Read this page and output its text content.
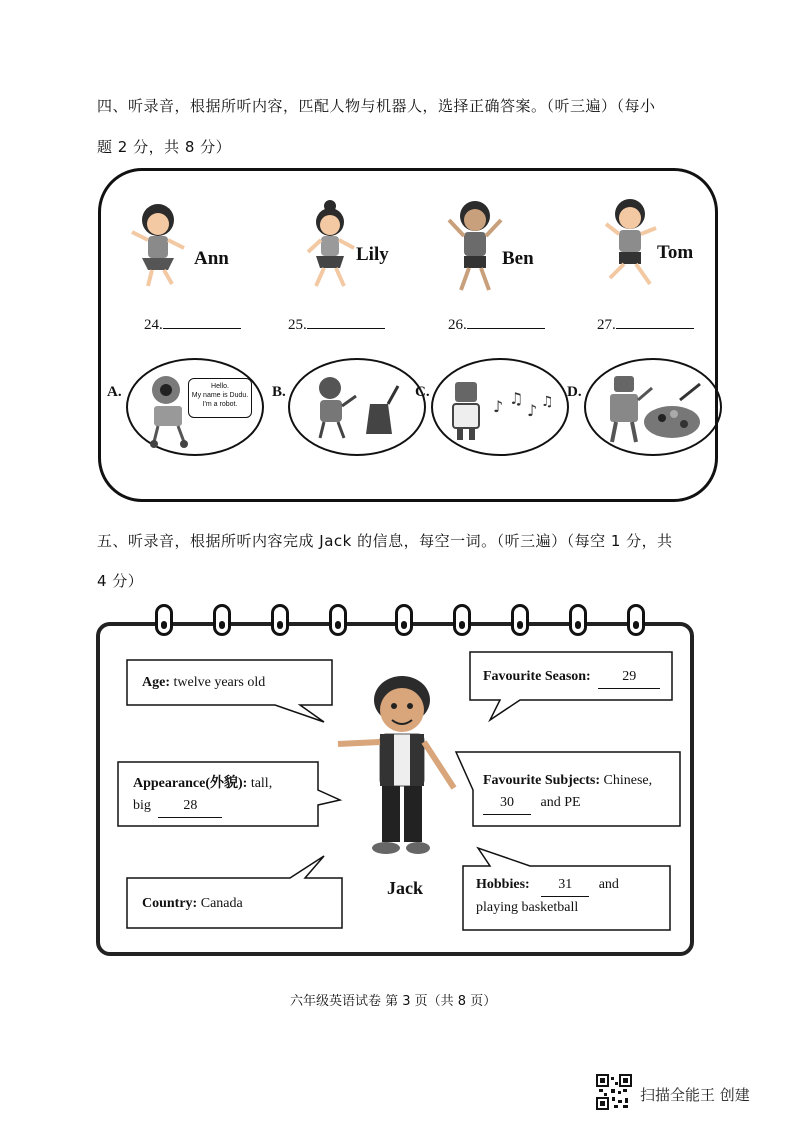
四、听录音，根据所听内容，匹配人物与机器人，选择正确答案。（听三遍）（每小
题 2 分，共 8 分）
Ann	Lily	Ben	Tom
24.	25.	26.	27.
A.	Hello.
My name is Dudu.
I'm a robot.
B.	C.
♪ ♫
♪ ♫
D.
五、听录音，根据所听内容完成 Jack 的信息，每空一词。（听三遍）（每空 1 分，共
4 分）
Jack
Age: twelve years old	Favourite Season: 29
Appearance(外貌): tall,
big 28
Favourite Subjects: Chinese,
30 and PE
Country: Canada
Hobbies: 31 and
playing basketball
六年级英语试卷 第 3 页（共 8 页）
扫描全能王 创建
